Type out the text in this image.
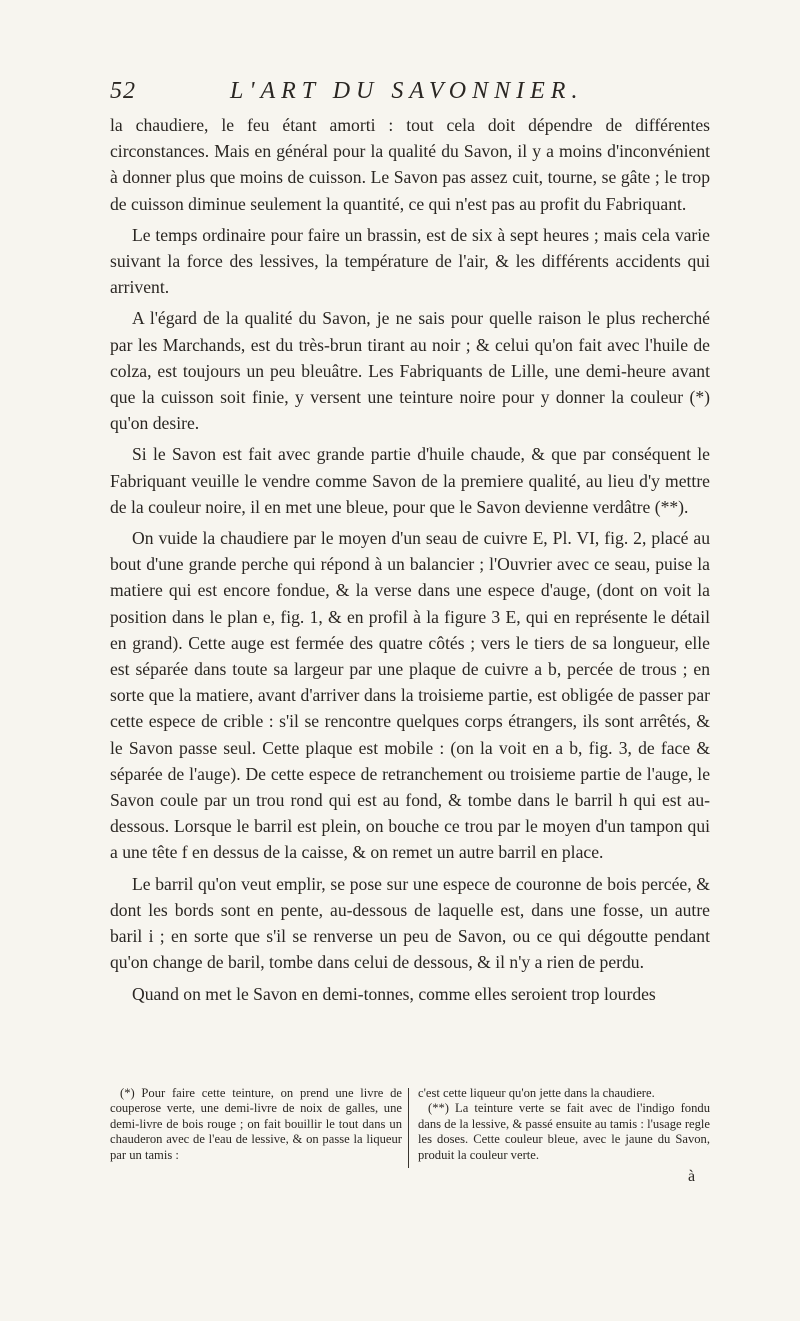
52	L'ART DU SAVONNIER.

la chaudiere, le feu étant amorti : tout cela doit dépendre de différentes circonstances. Mais en général pour la qualité du Savon, il y a moins d'inconvénient à donner plus que moins de cuisson. Le Savon pas assez cuit, tourne, se gâte ; le trop de cuisson diminue seulement la quantité, ce qui n'est pas au profit du Fabriquant.

Le temps ordinaire pour faire un brassin, est de six à sept heures ; mais cela varie suivant la force des lessives, la température de l'air, & les différents accidents qui arrivent.

A l'égard de la qualité du Savon, je ne sais pour quelle raison le plus recherché par les Marchands, est du très-brun tirant au noir ; & celui qu'on fait avec l'huile de colza, est toujours un peu bleuâtre. Les Fabriquants de Lille, une demi-heure avant que la cuisson soit finie, y versent une teinture noire pour y donner la couleur (*) qu'on desire.

Si le Savon est fait avec grande partie d'huile chaude, & que par conséquent le Fabriquant veuille le vendre comme Savon de la premiere qualité, au lieu d'y mettre de la couleur noire, il en met une bleue, pour que le Savon devienne verdâtre (**).

On vuide la chaudiere par le moyen d'un seau de cuivre E, Pl. VI, fig. 2, placé au bout d'une grande perche qui répond à un balancier ; l'Ouvrier avec ce seau, puise la matiere qui est encore fondue, & la verse dans une espece d'auge, (dont on voit la position dans le plan e, fig. 1, & en profil à la figure 3 E, qui en représente le détail en grand). Cette auge est fermée des quatre côtés ; vers le tiers de sa longueur, elle est séparée dans toute sa largeur par une plaque de cuivre a b, percée de trous ; en sorte que la matiere, avant d'arriver dans la troisieme partie, est obligée de passer par cette espece de crible : s'il se rencontre quelques corps étrangers, ils sont arrêtés, & le Savon passe seul. Cette plaque est mobile : (on la voit en a b, fig. 3, de face & séparée de l'auge). De cette espece de retranchement ou troisieme partie de l'auge, le Savon coule par un trou rond qui est au fond, & tombe dans le barril h qui est au-dessous. Lorsque le barril est plein, on bouche ce trou par le moyen d'un tampon qui a une tête f en dessus de la caisse, & on remet un autre barril en place.

Le barril qu'on veut emplir, se pose sur une espece de couronne de bois percée, & dont les bords sont en pente, au-dessous de laquelle est, dans une fosse, un autre baril i ; en sorte que s'il se renverse un peu de Savon, ou ce qui dégoutte pendant qu'on change de baril, tombe dans celui de dessous, & il n'y a rien de perdu.

Quand on met le Savon en demi-tonnes, comme elles seroient trop lourdes

(*) Pour faire cette teinture, on prend une livre de couperose verte, une demi-livre de noix de galles, une demi-livre de bois rouge ; on fait bouillir le tout dans un chauderon avec de l'eau de lessive, & on passe la liqueur par un tamis :

c'est cette liqueur qu'on jette dans la chaudiere.

(**) La teinture verte se fait avec de l'indigo fondu dans de la lessive, & passé ensuite au tamis : l'usage regle les doses. Cette couleur bleue, avec le jaune du Savon, produit la couleur verte.

à
